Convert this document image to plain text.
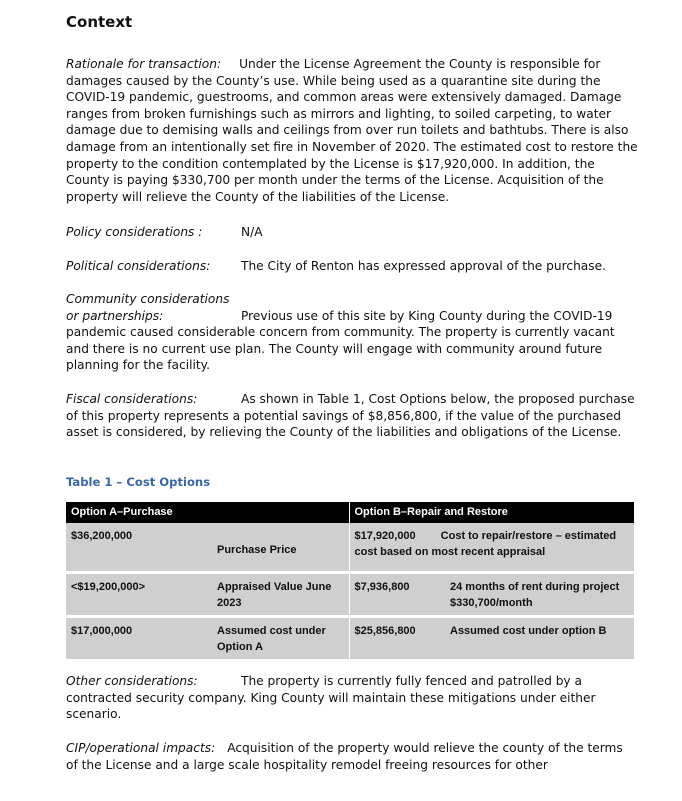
Context

Rationale for transaction: Under the License Agreement the County is responsible for damages caused by the County’s use. While being used as a quarantine site during the COVID-19 pandemic, guestrooms, and common areas were extensively damaged. Damage ranges from broken furnishings such as mirrors and lighting, to soiled carpeting, to water damage due to demising walls and ceilings from over run toilets and bathtubs. There is also damage from an intentionally set fire in November of 2020. The estimated cost to restore the property to the condition contemplated by the License is $17,920,000. In addition, the County is paying $330,700 per month under the terms of the License. Acquisition of the property will relieve the County of the liabilities of the License.

Policy considerations :	N/A

Political considerations:	The City of Renton has expressed approval of the purchase.

Community considerations
or partnerships:	Previous use of this site by King County during the COVID-19 pandemic caused considerable concern from community. The property is currently vacant and there is no current use plan. The County will engage with community around future planning for the facility.

Fiscal considerations:	As shown in Table 1, Cost Options below, the proposed purchase of this property represents a potential savings of $8,856,800, if the value of the purchased asset is considered, by relieving the County of the liabilities and obligations of the License.

Table 1 – Cost Options
Option A–Purchase		Option B–Repair and Restore	
$36,200,000	Purchase Price	$17,920,000 Cost to repair/restore – estimated cost based on most recent appraisal	

<$19,200,000>	Appraised Value June 2023	$7,936,800	24 months of rent during project $330,700/month

$17,000,000	Assumed cost under Option A	$25,856,800	Assumed cost under option B

Other considerations:	The property is currently fully fenced and patrolled by a contracted security company. King County will maintain these mitigations under either scenario.

CIP/operational impacts: Acquisition of the property would relieve the county of the terms of the License and a large scale hospitality remodel freeing resources for other
